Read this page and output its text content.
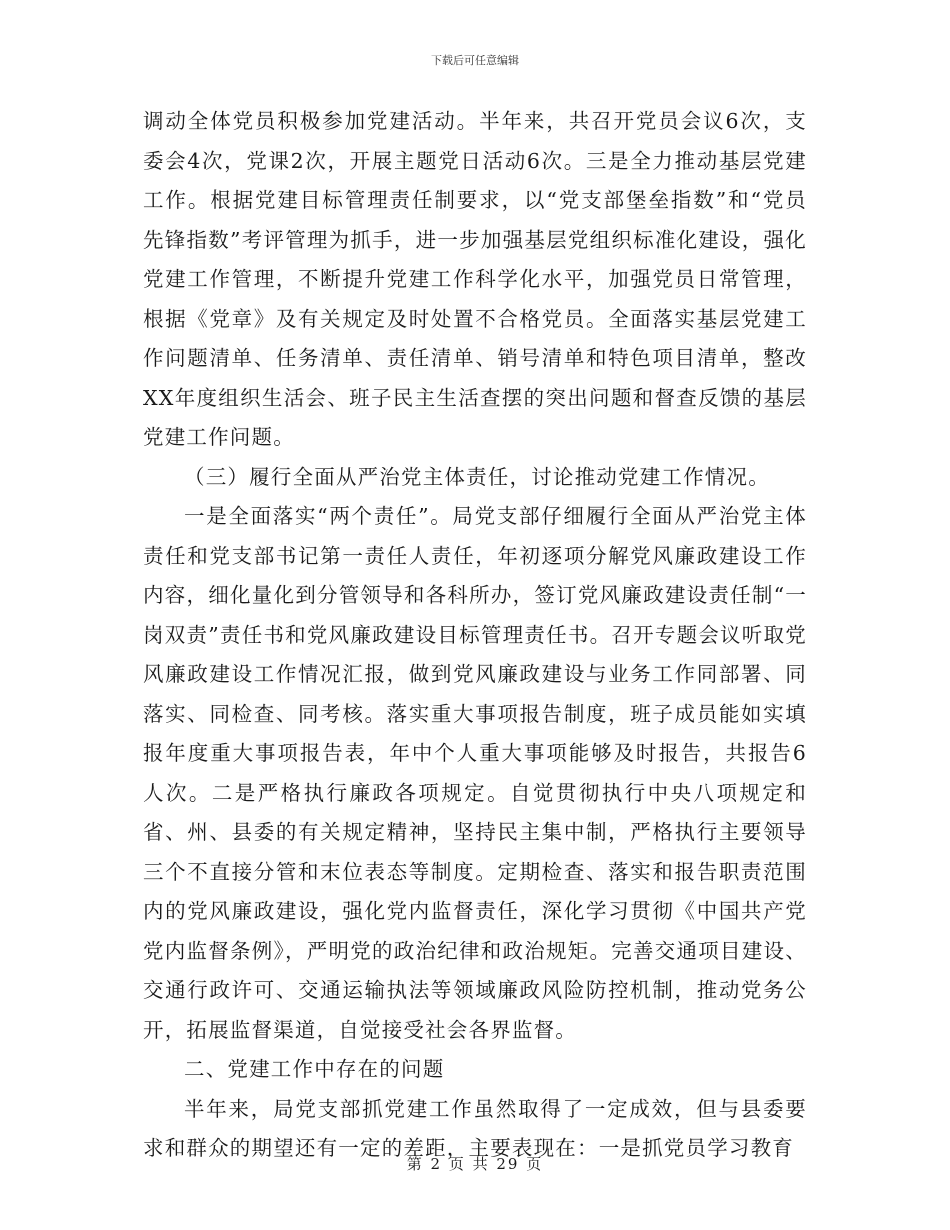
下载后可任意编辑

调动全体党员积极参加党建活动。半年来，共召开党员会议6次，支委会4次，党课2次，开展主题党日活动6次。三是全力推动基层党建工作。根据党建目标管理责任制要求，以“党支部堡垒指数”和“党员先锋指数”考评管理为抓手，进一步加强基层党组织标准化建设，强化党建工作管理，不断提升党建工作科学化水平，加强党员日常管理，根据《党章》及有关规定及时处置不合格党员。全面落实基层党建工作问题清单、任务清单、责任清单、销号清单和特色项目清单，整改XX年度组织生活会、班子民主生活查摆的突出问题和督查反馈的基层党建工作问题。

（三）履行全面从严治党主体责任，讨论推动党建工作情况。

一是全面落实“两个责任”。局党支部仔细履行全面从严治党主体责任和党支部书记第一责任人责任，年初逐项分解党风廉政建设工作内容，细化量化到分管领导和各科所办，签订党风廉政建设责任制“一岗双责”责任书和党风廉政建设目标管理责任书。召开专题会议听取党风廉政建设工作情况汇报，做到党风廉政建设与业务工作同部署、同落实、同检查、同考核。落实重大事项报告制度，班子成员能如实填报年度重大事项报告表，年中个人重大事项能够及时报告，共报告6人次。二是严格执行廉政各项规定。自觉贯彻执行中央八项规定和省、州、县委的有关规定精神，坚持民主集中制，严格执行主要领导三个不直接分管和末位表态等制度。定期检查、落实和报告职责范围内的党风廉政建设，强化党内监督责任，深化学习贯彻《中国共产党党内监督条例》，严明党的政治纪律和政治规矩。完善交通项目建设、交通行政许可、交通运输执法等领域廉政风险防控机制，推动党务公开，拓展监督渠道，自觉接受社会各界监督。

二、党建工作中存在的问题

半年来，局党支部抓党建工作虽然取得了一定成效，但与县委要求和群众的期望还有一定的差距，主要表现在：一是抓党员学习教育

第 2 页 共 29 页
